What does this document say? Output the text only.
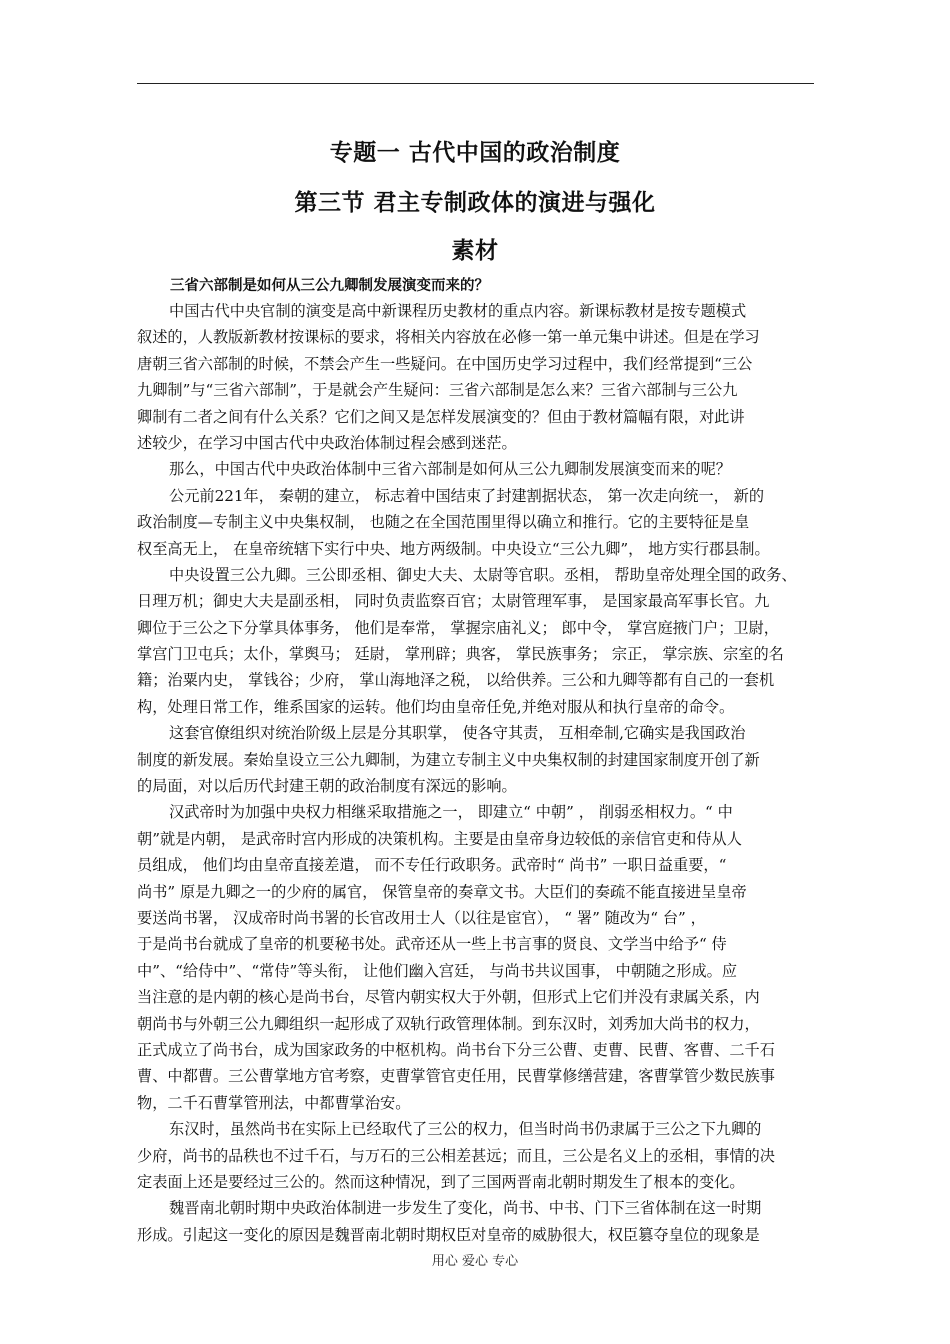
专题一 古代中国的政治制度
第三节 君主专制政体的演进与强化
素材
三省六部制是如何从三公九卿制发展演变而来的？
中国古代中央官制的演变是高中新课程历史教材的重点内容。新课标教材是按专题模式
叙述的，人教版新教材按课标的要求，将相关内容放在必修一第一单元集中讲述。但是在学习
唐朝三省六部制的时候，不禁会产生一些疑问。在中国历史学习过程中，我们经常提到“三公
九卿制”与“三省六部制”，于是就会产生疑问：三省六部制是怎么来？三省六部制与三公九
卿制有二者之间有什么关系？它们之间又是怎样发展演变的？但由于教材篇幅有限，对此讲
述较少，在学习中国古代中央政治体制过程会感到迷茫。
那么，中国古代中央政治体制中三省六部制是如何从三公九卿制发展演变而来的呢？
公元前221年， 秦朝的建立， 标志着中国结束了封建割据状态， 第一次走向统一， 新的
政治制度—专制主义中央集权制， 也随之在全国范围里得以确立和推行。它的主要特征是皇
权至高无上， 在皇帝统辖下实行中央、地方两级制。中央设立“三公九卿”， 地方实行郡县制。
中央设置三公九卿。三公即丞相、御史大夫、太尉等官职。丞相， 帮助皇帝处理全国的政务、
日理万机；御史大夫是副丞相， 同时负责监察百官；太尉管理军事， 是国家最高军事长官。九
卿位于三公之下分掌具体事务， 他们是奉常， 掌握宗庙礼义； 郎中令， 掌宫庭掖门户；卫尉，
掌宫门卫屯兵；太仆，掌舆马； 廷尉， 掌刑辟；典客， 掌民族事务； 宗正， 掌宗族、宗室的名
籍；治粟内史， 掌钱谷；少府， 掌山海地泽之税， 以给供养。三公和九卿等都有自己的一套机
构，处理日常工作，维系国家的运转。他们均由皇帝任免,并绝对服从和执行皇帝的命令。
这套官僚组织对统治阶级上层是分其职掌， 使各守其责， 互相牵制,它确实是我国政治
制度的新发展。秦始皇设立三公九卿制，为建立专制主义中央集权制的封建国家制度开创了新
的局面，对以后历代封建王朝的政治制度有深远的影响。
汉武帝时为加强中央权力相继采取措施之一， 即建立“ 中朝” ， 削弱丞相权力。“ 中
朝”就是内朝， 是武帝时宫内形成的决策机构。主要是由皇帝身边较低的亲信官吏和侍从人
员组成， 他们均由皇帝直接差遣， 而不专任行政职务。武帝时“ 尚书” 一职日益重要，“
尚书” 原是九卿之一的少府的属官， 保管皇帝的奏章文书。大臣们的奏疏不能直接进呈皇帝
要送尚书署， 汉成帝时尚书署的长官改用士人（以往是宦官）， “ 署” 随改为“ 台” ，
于是尚书台就成了皇帝的机要秘书处。武帝还从一些上书言事的贤良、文学当中给予“ 侍
中”、“给侍中”、“常侍”等头衔， 让他们幽入宫廷， 与尚书共议国事， 中朝随之形成。应
当注意的是内朝的核心是尚书台，尽管内朝实权大于外朝，但形式上它们并没有隶属关系，内
朝尚书与外朝三公九卿组织一起形成了双轨行政管理体制。到东汉时，刘秀加大尚书的权力，
正式成立了尚书台，成为国家政务的中枢机构。尚书台下分三公曹、吏曹、民曹、客曹、二千石
曹、中都曹。三公曹掌地方官考察，吏曹掌管官吏任用，民曹掌修缮营建，客曹掌管少数民族事
物，二千石曹掌管刑法，中都曹掌治安。
东汉时，虽然尚书在实际上已经取代了三公的权力，但当时尚书仍隶属于三公之下九卿的
少府，尚书的品秩也不过千石，与万石的三公相差甚远；而且，三公是名义上的丞相，事情的决
定表面上还是要经过三公的。然而这种情况，到了三国两晋南北朝时期发生了根本的变化。
魏晋南北朝时期中央政治体制进一步发生了变化，尚书、中书、门下三省体制在这一时期
形成。引起这一变化的原因是魏晋南北朝时期权臣对皇帝的威胁很大，权臣篡夺皇位的现象是
用心 爱心 专心
